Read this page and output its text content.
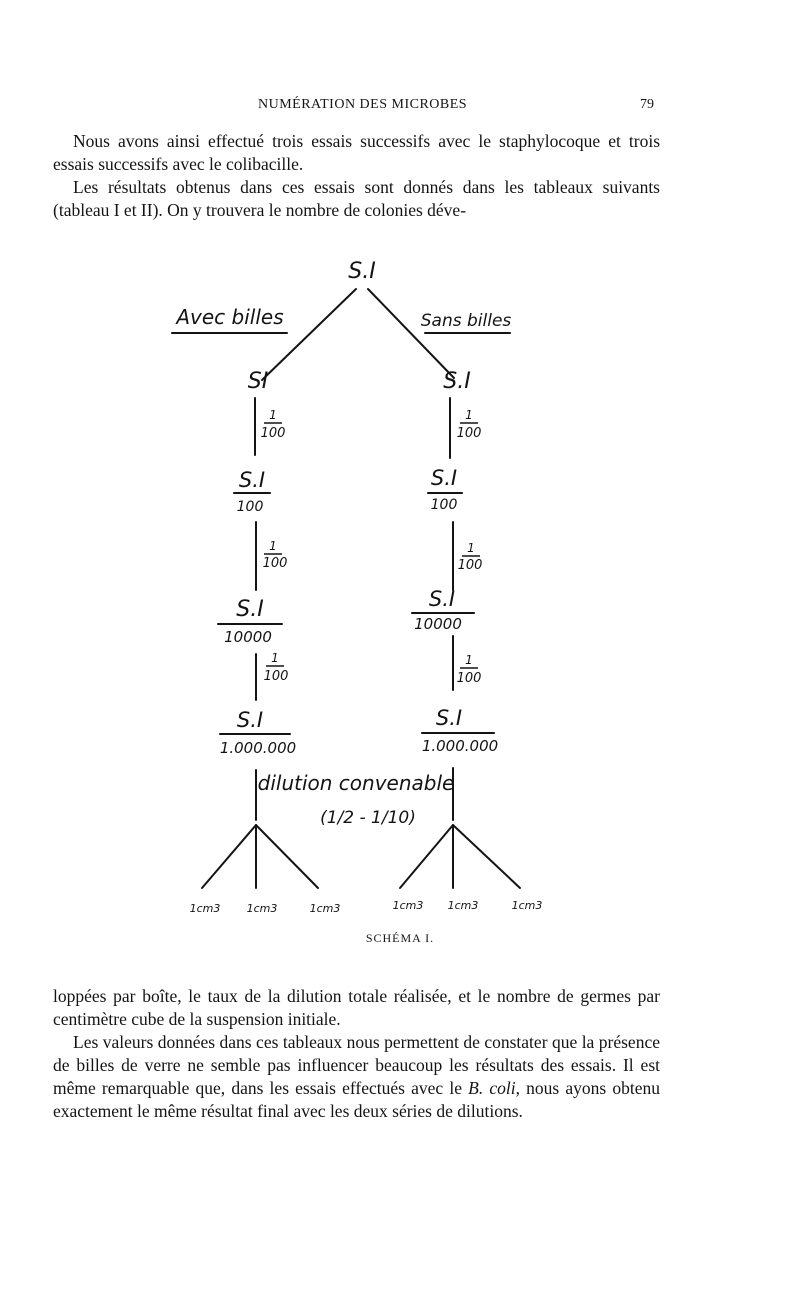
NUMÉRATION DES MICROBES	79

Nous avons ainsi effectué trois essais successifs avec le staphylocoque et trois essais successifs avec le colibacille.

Les résultats obtenus dans ces essais sont donnés dans les tableaux suivants (tableau I et II). On y trouvera le nombre de colonies déve-

S.I
Avec billes	Sans billes
SI
1
100
S.I
100
1
100
S.I
10000
1
100
S.I
1.000.000
S.I
1
100
S.I
100
1
100
S.I
10000
1
100
S.I
1.000.000
dilution convenable
(1/2 - 1/10)
1cm3 1cm3	1cm3	1cm3 1cm3	1cm3
SCHÉMA I.

loppées par boîte, le taux de la dilution totale réalisée, et le nombre de germes par centimètre cube de la suspension initiale.

Les valeurs données dans ces tableaux nous permettent de constater que la présence de billes de verre ne semble pas influencer beaucoup les résultats des essais. Il est même remarquable que, dans les essais effectués avec le B. coli, nous ayons obtenu exactement le même résultat final avec les deux séries de dilutions.
